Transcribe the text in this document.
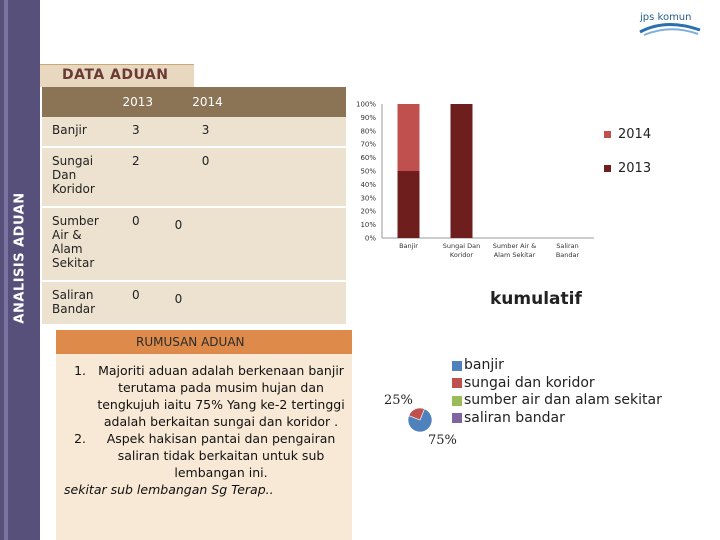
ANALISIS ADUAN
jps komun
DATA ADUAN
	2013	2014	
Banjir	3	3	
Sungai Dan Koridor	2	0	
Sumber Air & Alam Sekitar	0	0	
Saliran Bandar	0	0	
0%
10%
20%
30%
40%
50%
60%
70%
80%
90%
100%
Banjir	Sungai Dan
Koridor
Sumber Air &
Alam Sekitar
Saliran
Bandar
2014
2013
kumulatif
RUMUSAN ADUAN
1. Majoriti aduan adalah berkenaan banjir terutama pada musim hujan dan tengkujuh iaitu 75% Yang ke-2 tertinggi adalah berkaitan sungai dan koridor .
2.	Aspek hakisan pantai dan pengairan saliran tidak berkaitan untuk sub lembangan ini.
sekitar sub lembangan Sg Terap..
25%
75%
banjir
sungai dan koridor
sumber air dan alam sekitar
saliran bandar
